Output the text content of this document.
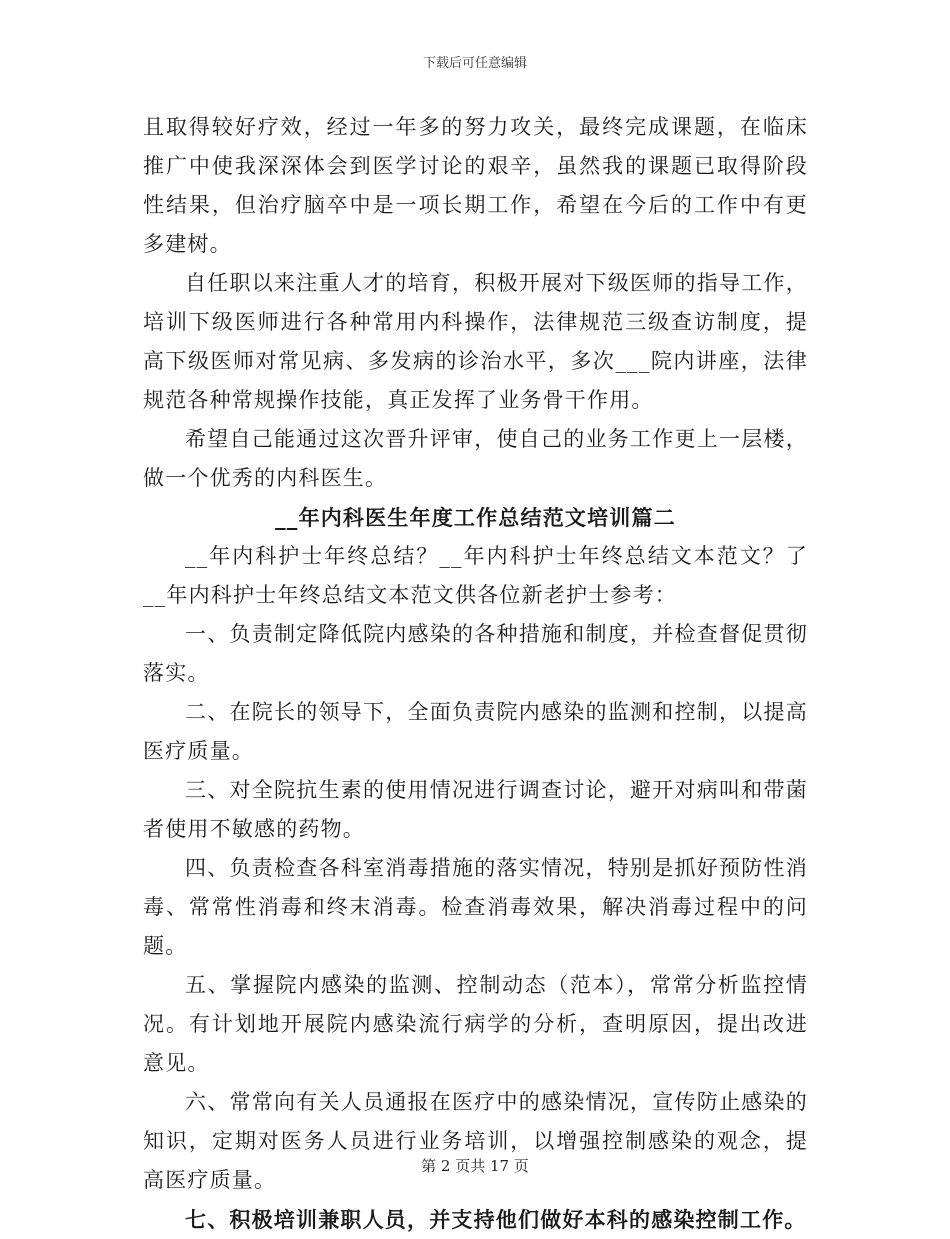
下载后可任意编辑

且取得较好疗效，经过一年多的努力攻关，最终完成课题，在临床推广中使我深深体会到医学讨论的艰辛，虽然我的课题已取得阶段性结果，但治疗脑卒中是一项长期工作，希望在今后的工作中有更多建树。

自任职以来注重人才的培育，积极开展对下级医师的指导工作，培训下级医师进行各种常用内科操作，法律规范三级查访制度，提高下级医师对常见病、多发病的诊治水平，多次___院内讲座，法律规范各种常规操作技能，真正发挥了业务骨干作用。

希望自己能通过这次晋升评审，使自己的业务工作更上一层楼，做一个优秀的内科医生。

__年内科医生年度工作总结范文培训篇二

__年内科护士年终总结？__年内科护士年终总结文本范文？了__年内科护士年终总结文本范文供各位新老护士参考：

一、负责制定降低院内感染的各种措施和制度，并检查督促贯彻落实。

二、在院长的领导下，全面负责院内感染的监测和控制，以提高医疗质量。

三、对全院抗生素的使用情况进行调查讨论，避开对病叫和带菌者使用不敏感的药物。

四、负责检查各科室消毒措施的落实情况，特别是抓好预防性消毒、常常性消毒和终末消毒。检查消毒效果，解决消毒过程中的问题。

五、掌握院内感染的监测、控制动态（范本），常常分析监控情况。有计划地开展院内感染流行病学的分析，查明原因，提出改进意见。

六、常常向有关人员通报在医疗中的感染情况，宣传防止感染的知识，定期对医务人员进行业务培训，以增强控制感染的观念，提高医疗质量。

七、积极培训兼职人员，并支持他们做好本科的感染控制工作。

第 2 页共 17 页
